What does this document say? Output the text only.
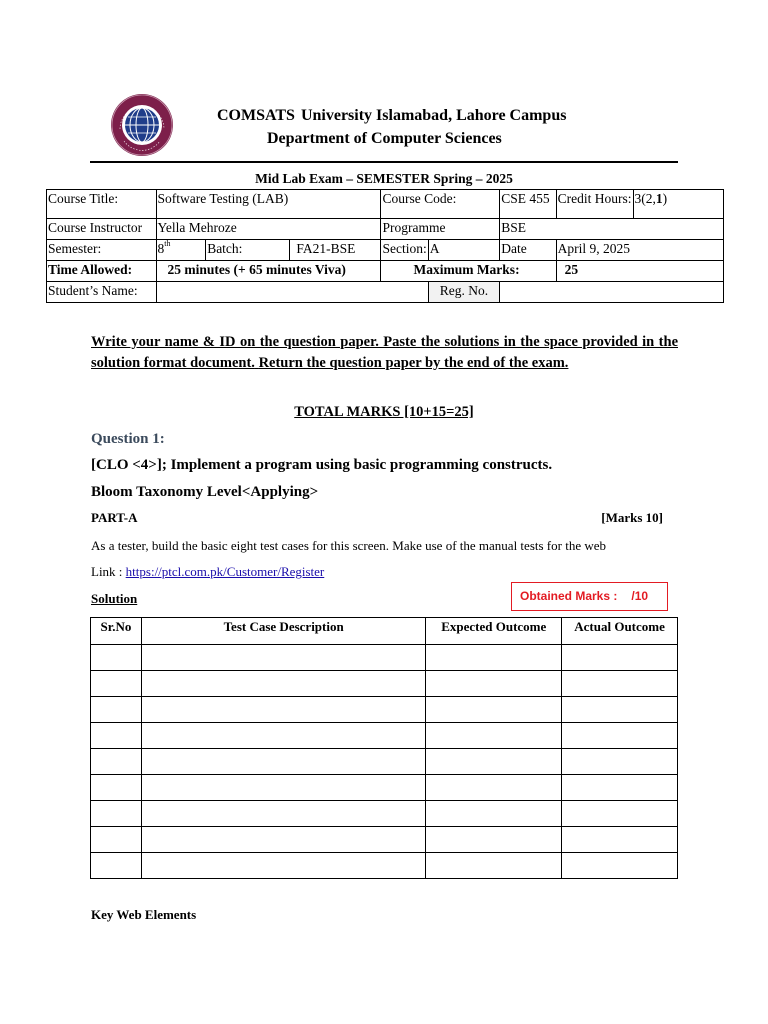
COMSATS University Islamabad, Lahore Campus
Department of Computer Sciences
Mid Lab Exam – SEMESTER Spring – 2025
Course Title:	Software Testing (LAB)			Course Code:		CSE 455	Credit Hours:	3(2,1)
Course Instructor	Yella Mehroze			Programme		BSE		
Semester:	8th	Batch:	FA21-BSE	Section:	A	Date	April 9, 2025	
Time Allowed:	25 minutes (+ 65 minutes Viva)			Maximum Marks:			25	
Student’s Name:					Reg. No.			
Write your name & ID on the question paper. Paste the solutions in the space provided in the solution format document. Return the question paper by the end of the exam.
TOTAL MARKS [10+15=25]
Question 1:
[CLO <4>]; Implement a program using basic programming constructs.
Bloom Taxonomy Level<Applying>
PART-A	[Marks 10]
As a tester, build the basic eight test cases for this screen. Make use of the manual tests for the web
Link : https://ptcl.com.pk/Customer/Register
Solution	Obtained Marks : /10
Sr.No	Test Case Description	Expected Outcome	Actual Outcome

Key Web Elements
